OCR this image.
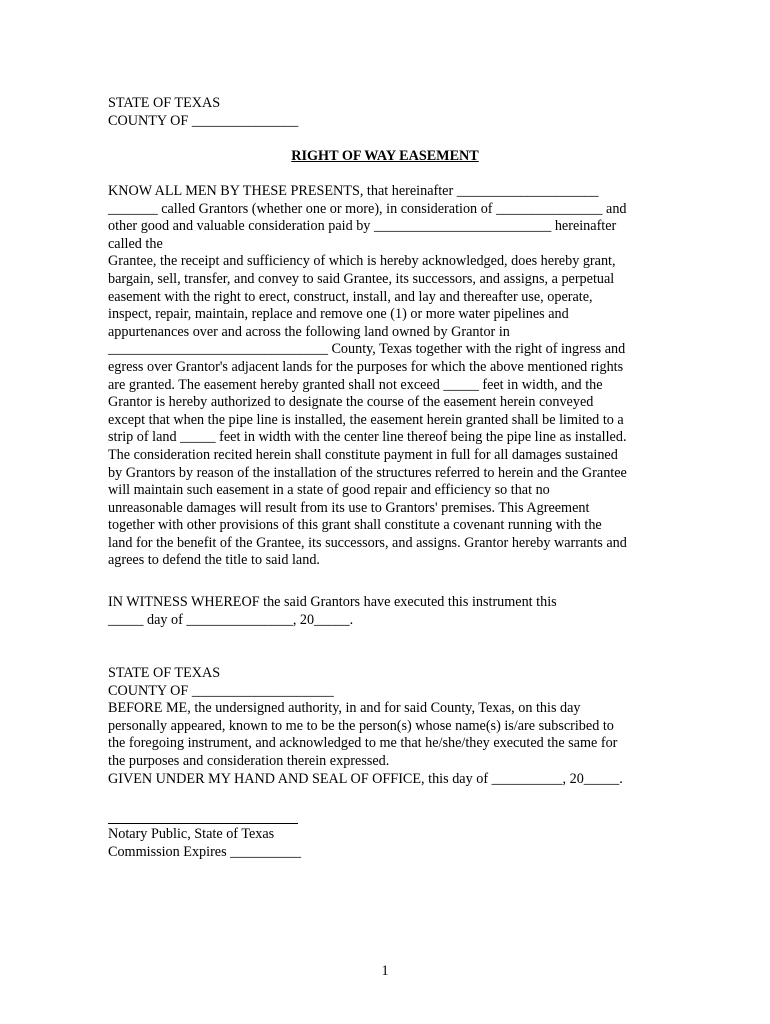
STATE OF TEXAS
COUNTY OF _______________
RIGHT OF WAY EASEMENT
KNOW ALL MEN BY THESE PRESENTS, that hereinafter ____________________
_______ called Grantors (whether one or more), in consideration of _______________ and
other good and valuable consideration paid by _________________________ hereinafter
called the
Grantee, the receipt and sufficiency of which is hereby acknowledged, does hereby grant,
bargain, sell, transfer, and convey to said Grantee, its successors, and assigns, a perpetual
easement with the right to erect, construct, install, and lay and thereafter use, operate,
inspect, repair, maintain, replace and remove one (1) or more water pipelines and
appurtenances over and across the following land owned by Grantor in
_______________________________ County, Texas together with the right of ingress and
egress over Grantor's adjacent lands for the purposes for which the above mentioned rights
are granted. The easement hereby granted shall not exceed _____ feet in width, and the
Grantor is hereby authorized to designate the course of the easement herein conveyed
except that when the pipe line is installed, the easement herein granted shall be limited to a
strip of land _____ feet in width with the center line thereof being the pipe line as installed.
The consideration recited herein shall constitute payment in full for all damages sustained
by Grantors by reason of the installation of the structures referred to herein and the Grantee
will maintain such easement in a state of good repair and efficiency so that no
unreasonable damages will result from its use to Grantors' premises. This Agreement
together with other provisions of this grant shall constitute a covenant running with the
land for the benefit of the Grantee, its successors, and assigns. Grantor hereby warrants and
agrees to defend the title to said land.
IN WITNESS WHEREOF the said Grantors have executed this instrument this
_____ day of _______________, 20_____.
STATE OF TEXAS
COUNTY OF ____________________
BEFORE ME, the undersigned authority, in and for said County, Texas, on this day
personally appeared, known to me to be the person(s) whose name(s) is/are subscribed to
the foregoing instrument, and acknowledged to me that he/she/they executed the same for
the purposes and consideration therein expressed.
GIVEN UNDER MY HAND AND SEAL OF OFFICE, this day of __________, 20_____.
Notary Public, State of Texas
Commission Expires __________
1
